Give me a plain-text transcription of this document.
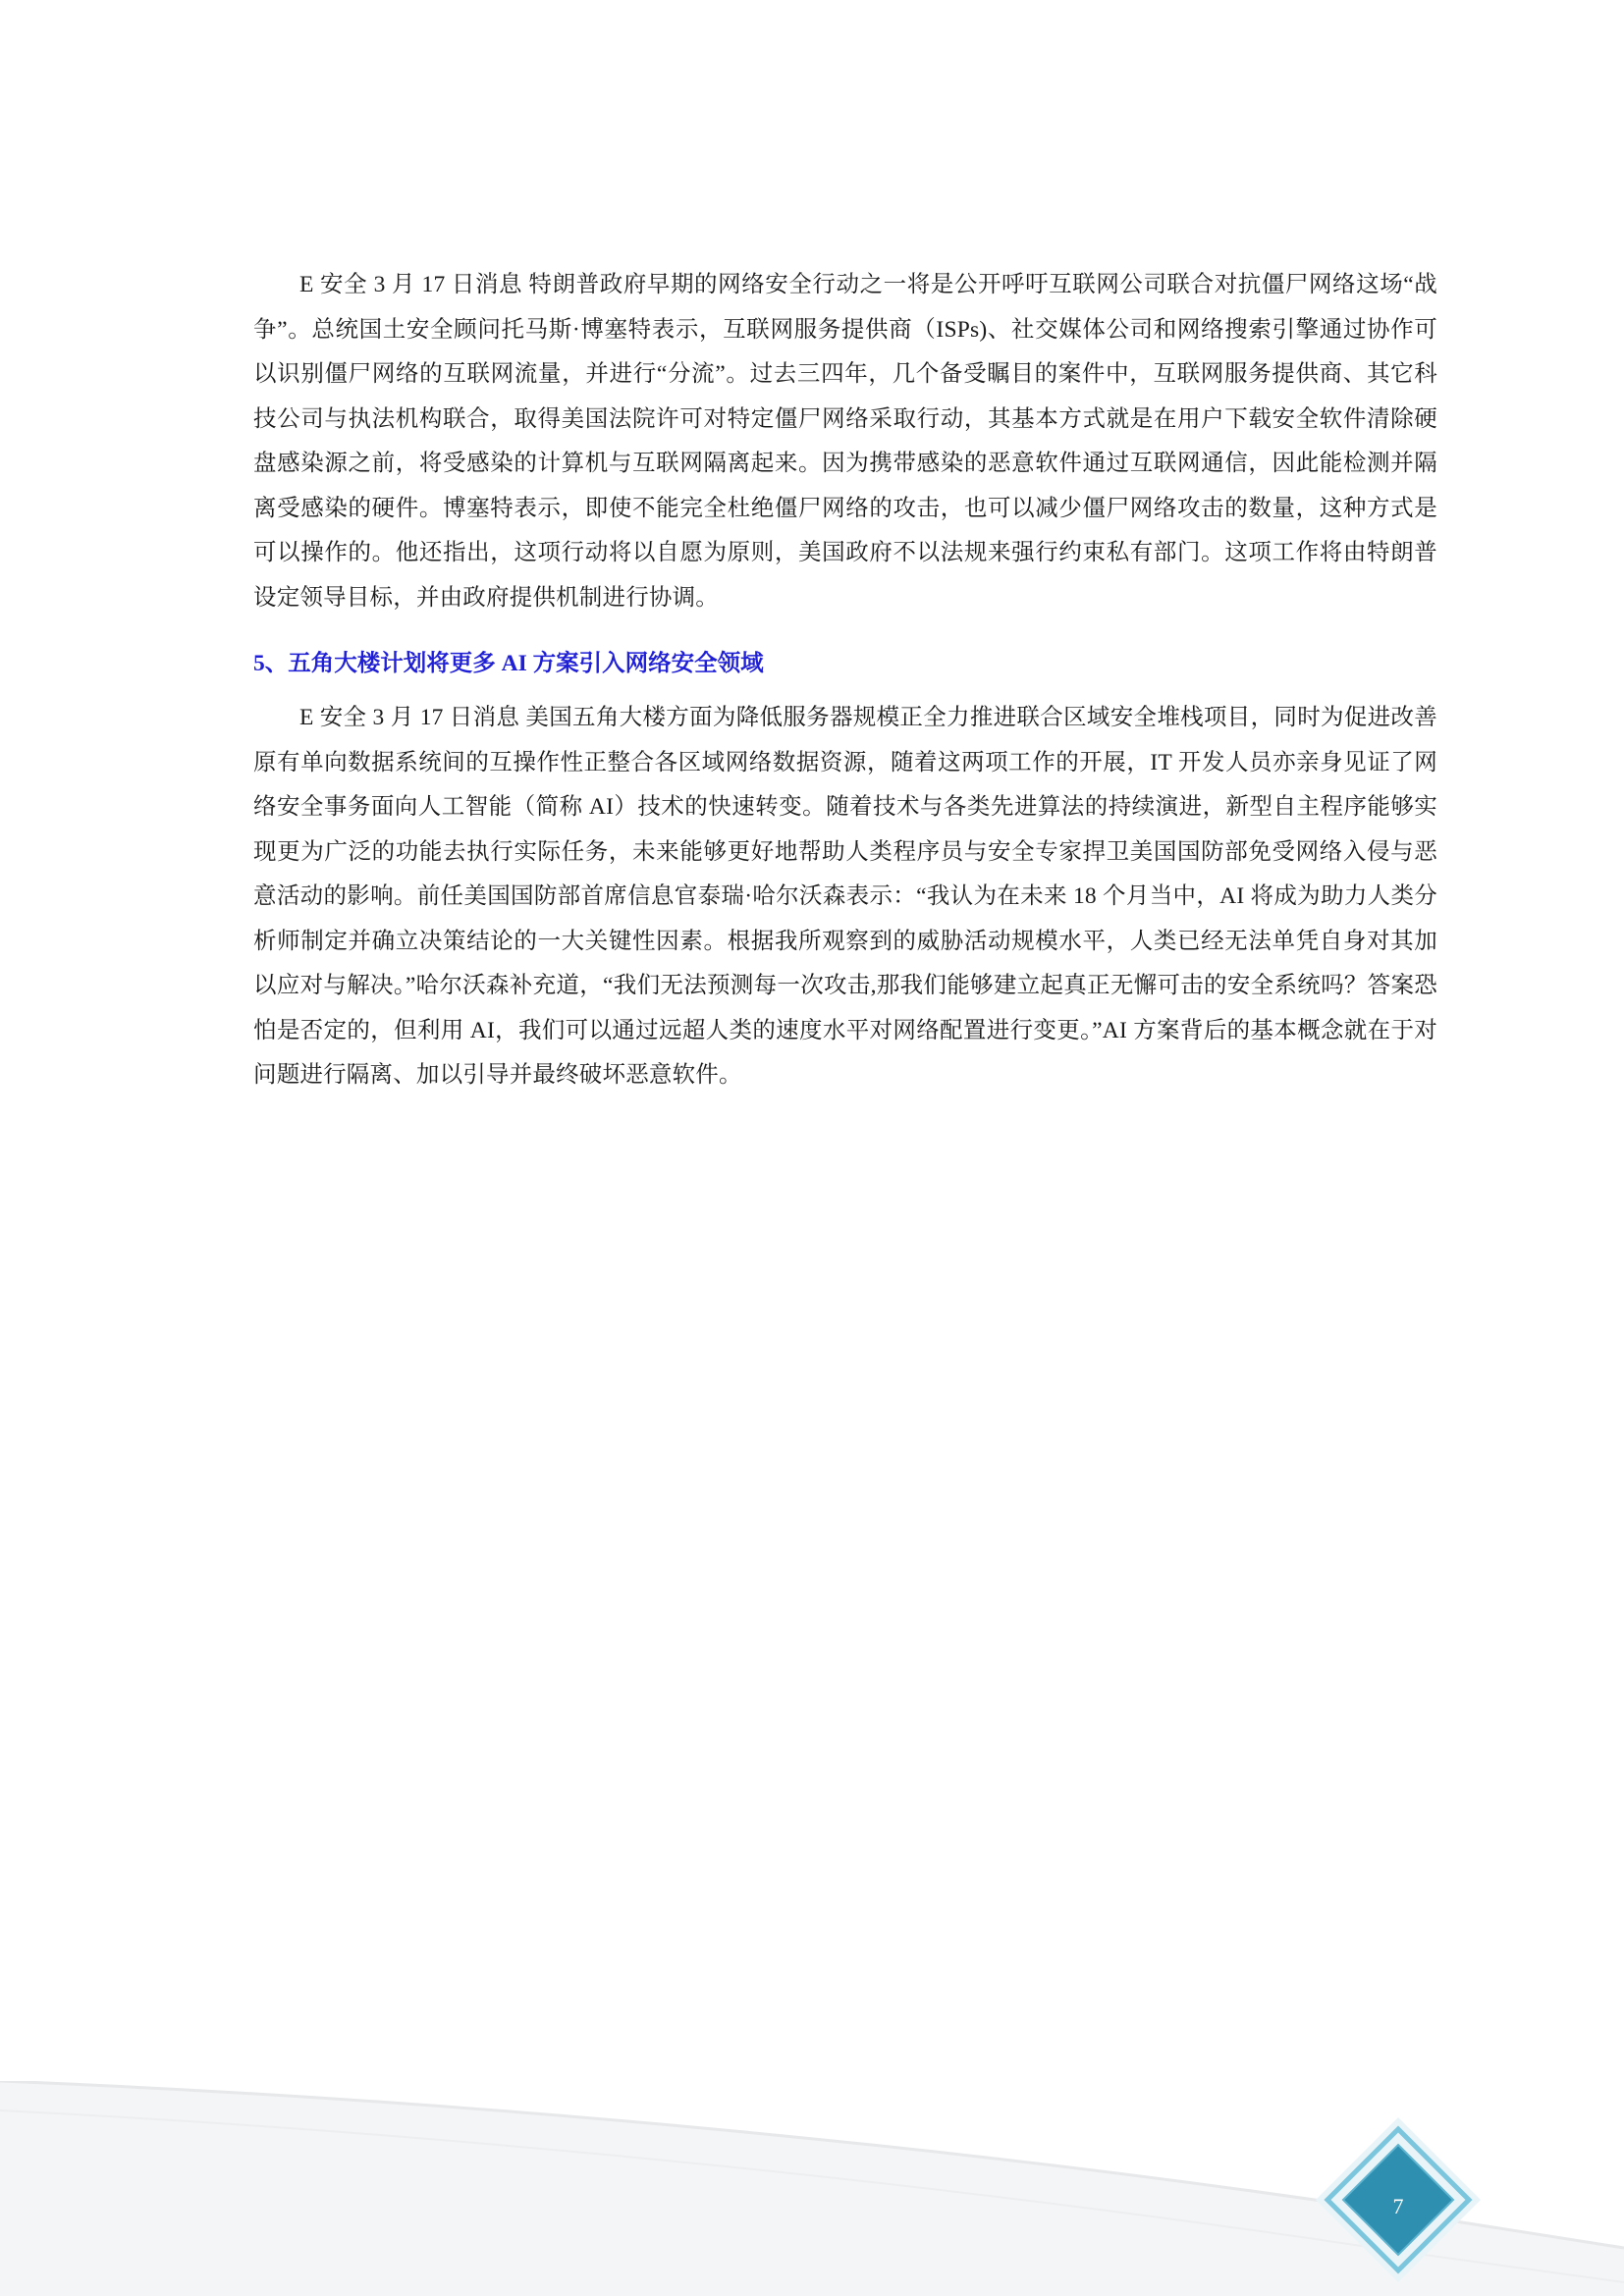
E 安全 3 月 17 日消息 特朗普政府早期的网络安全行动之一将是公开呼吁互联网公司联合对抗僵尸网络这场“战争”。总统国土安全顾问托马斯·博塞特表示，互联网服务提供商（ISPs)、社交媒体公司和网络搜索引擎通过协作可以识别僵尸网络的互联网流量，并进行“分流”。过去三四年，几个备受瞩目的案件中，互联网服务提供商、其它科技公司与执法机构联合，取得美国法院许可对特定僵尸网络采取行动，其基本方式就是在用户下载安全软件清除硬盘感染源之前，将受感染的计算机与互联网隔离起来。因为携带感染的恶意软件通过互联网通信，因此能检测并隔离受感染的硬件。博塞特表示，即使不能完全杜绝僵尸网络的攻击，也可以减少僵尸网络攻击的数量，这种方式是可以操作的。他还指出，这项行动将以自愿为原则，美国政府不以法规来强行约束私有部门。这项工作将由特朗普设定领导目标，并由政府提供机制进行协调。

5、五角大楼计划将更多 AI 方案引入网络安全领域

E 安全 3 月 17 日消息 美国五角大楼方面为降低服务器规模正全力推进联合区域安全堆栈项目，同时为促进改善原有单向数据系统间的互操作性正整合各区域网络数据资源，随着这两项工作的开展，IT 开发人员亦亲身见证了网络安全事务面向人工智能（简称 AI）技术的快速转变。随着技术与各类先进算法的持续演进，新型自主程序能够实现更为广泛的功能去执行实际任务，未来能够更好地帮助人类程序员与安全专家捍卫美国国防部免受网络入侵与恶意活动的影响。前任美国国防部首席信息官泰瑞·哈尔沃森表示：“我认为在未来 18 个月当中，AI 将成为助力人类分析师制定并确立决策结论的一大关键性因素。根据我所观察到的威胁活动规模水平，人类已经无法单凭自身对其加以应对与解决。”哈尔沃森补充道，“我们无法预测每一次攻击,那我们能够建立起真正无懈可击的安全系统吗？答案恐怕是否定的，但利用 AI，我们可以通过远超人类的速度水平对网络配置进行变更。”AI 方案背后的基本概念就在于对问题进行隔离、加以引导并最终破坏恶意软件。

7
